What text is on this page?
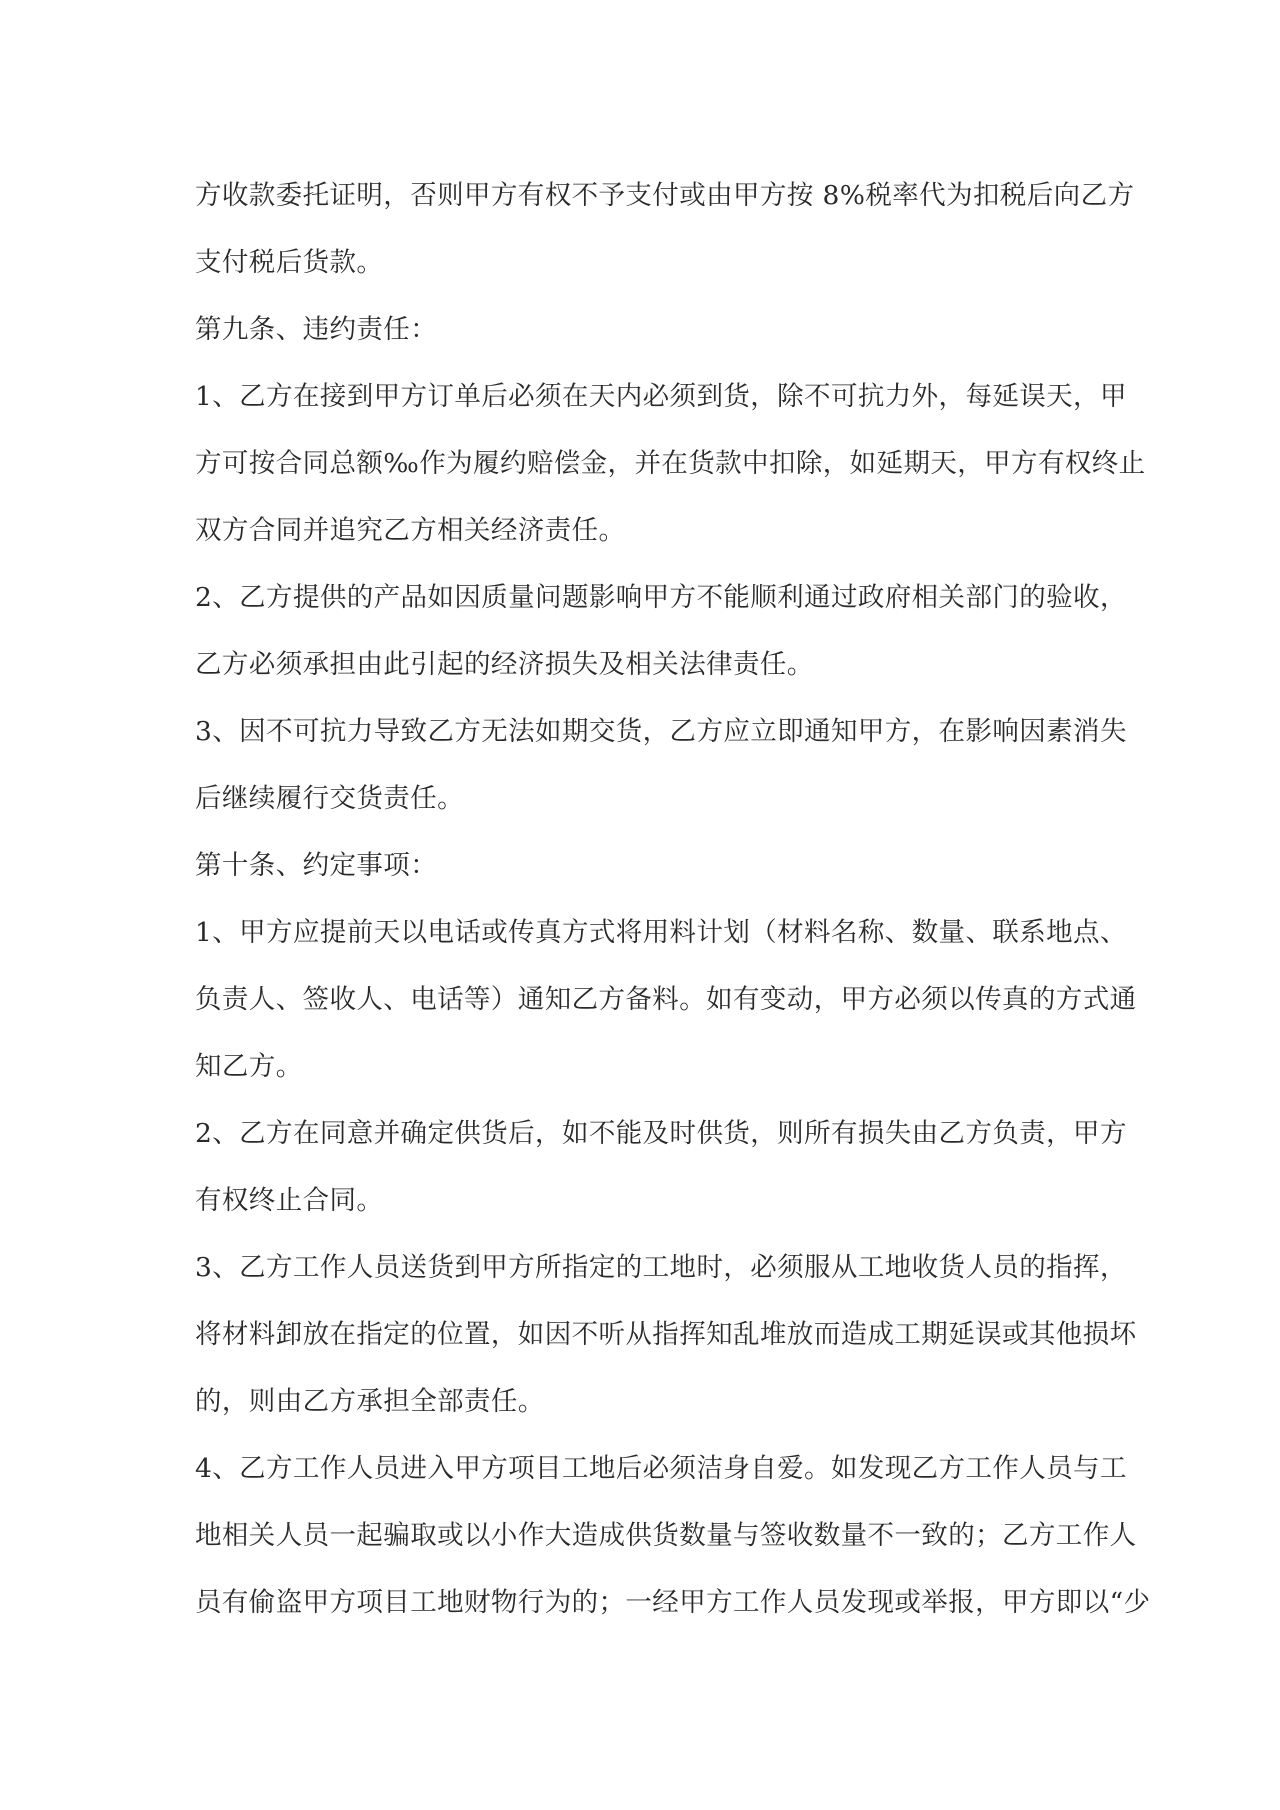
方收款委托证明，否则甲方有权不予支付或由甲方按 8%税率代为扣税后向乙方
支付税后货款。
第九条、违约责任：
1、乙方在接到甲方订单后必须在天内必须到货，除不可抗力外，每延误天，甲
方可按合同总额‰作为履约赔偿金，并在货款中扣除，如延期天，甲方有权终止
双方合同并追究乙方相关经济责任。
2、乙方提供的产品如因质量问题影响甲方不能顺利通过政府相关部门的验收，
乙方必须承担由此引起的经济损失及相关法律责任。
3、因不可抗力导致乙方无法如期交货，乙方应立即通知甲方，在影响因素消失
后继续履行交货责任。
第十条、约定事项：
1、甲方应提前天以电话或传真方式将用料计划（材料名称、数量、联系地点、
负责人、签收人、电话等）通知乙方备料。如有变动，甲方必须以传真的方式通
知乙方。
2、乙方在同意并确定供货后，如不能及时供货，则所有损失由乙方负责，甲方
有权终止合同。
3、乙方工作人员送货到甲方所指定的工地时，必须服从工地收货人员的指挥，
将材料卸放在指定的位置，如因不听从指挥知乱堆放而造成工期延误或其他损坏
的，则由乙方承担全部责任。
4、乙方工作人员进入甲方项目工地后必须洁身自爱。如发现乙方工作人员与工
地相关人员一起骗取或以小作大造成供货数量与签收数量不一致的；乙方工作人
员有偷盗甲方项目工地财物行为的；一经甲方工作人员发现或举报，甲方即以“少
